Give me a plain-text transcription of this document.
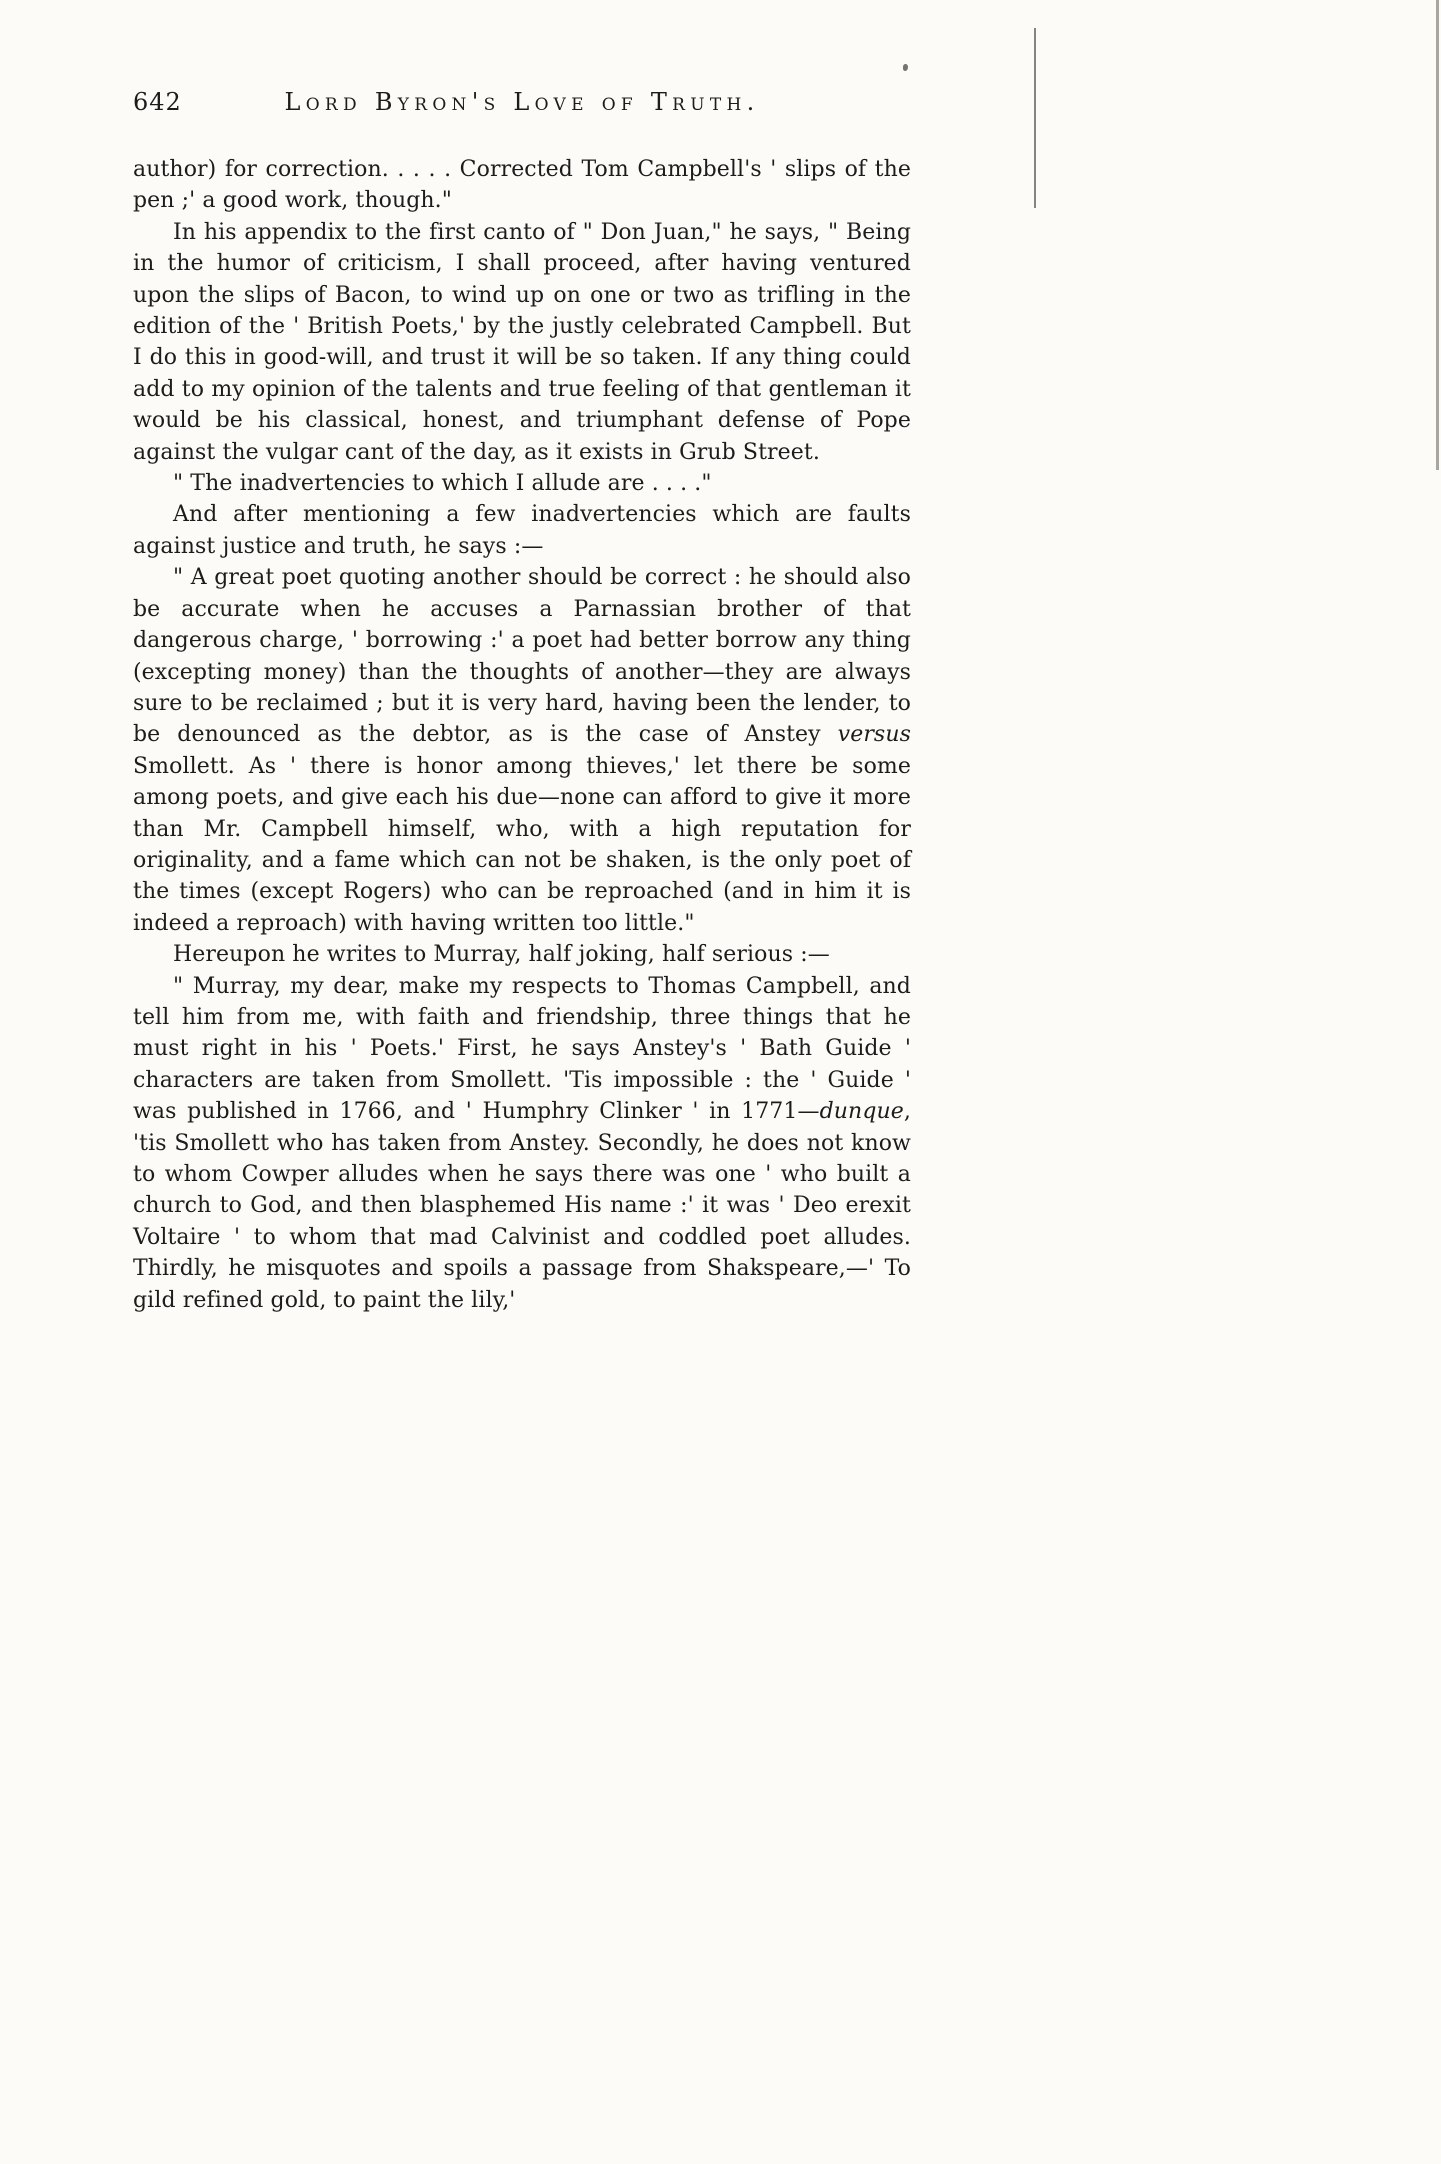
642	Lord Byron's Love of Truth.

author) for correction. . . . . Corrected Tom Campbell's ' slips of the pen ;' a good work, though."

In his appendix to the first canto of " Don Juan," he says, " Being in the humor of criticism, I shall proceed, after having ventured upon the slips of Bacon, to wind up on one or two as trifling in the edition of the ' British Poets,' by the justly celebrated Campbell. But I do this in good-will, and trust it will be so taken. If any thing could add to my opinion of the talents and true feeling of that gentleman it would be his classical, honest, and triumphant defense of Pope against the vulgar cant of the day, as it exists in Grub Street.

" The inadvertencies to which I allude are . . . ."

And after mentioning a few inadvertencies which are faults against justice and truth, he says :—

" A great poet quoting another should be correct : he should also be accurate when he accuses a Parnassian brother of that dangerous charge, ' borrowing :' a poet had better borrow any thing (excepting money) than the thoughts of another—they are always sure to be reclaimed ; but it is very hard, having been the lender, to be denounced as the debtor, as is the case of Anstey versus Smollett. As ' there is honor among thieves,' let there be some among poets, and give each his due—none can afford to give it more than Mr. Campbell himself, who, with a high reputation for originality, and a fame which can not be shaken, is the only poet of the times (except Rogers) who can be reproached (and in him it is indeed a reproach) with having written too little."

Hereupon he writes to Murray, half joking, half serious :—

" Murray, my dear, make my respects to Thomas Campbell, and tell him from me, with faith and friendship, three things that he must right in his ' Poets.' First, he says Anstey's ' Bath Guide ' characters are taken from Smollett. 'Tis impossible : the ' Guide ' was published in 1766, and ' Humphry Clinker ' in 1771—dunque, 'tis Smollett who has taken from Anstey. Secondly, he does not know to whom Cowper alludes when he says there was one ' who built a church to God, and then blasphemed His name :' it was ' Deo erexit Voltaire ' to whom that mad Calvinist and coddled poet alludes. Thirdly, he misquotes and spoils a passage from Shakspeare,—' To gild refined gold, to paint the lily,'
